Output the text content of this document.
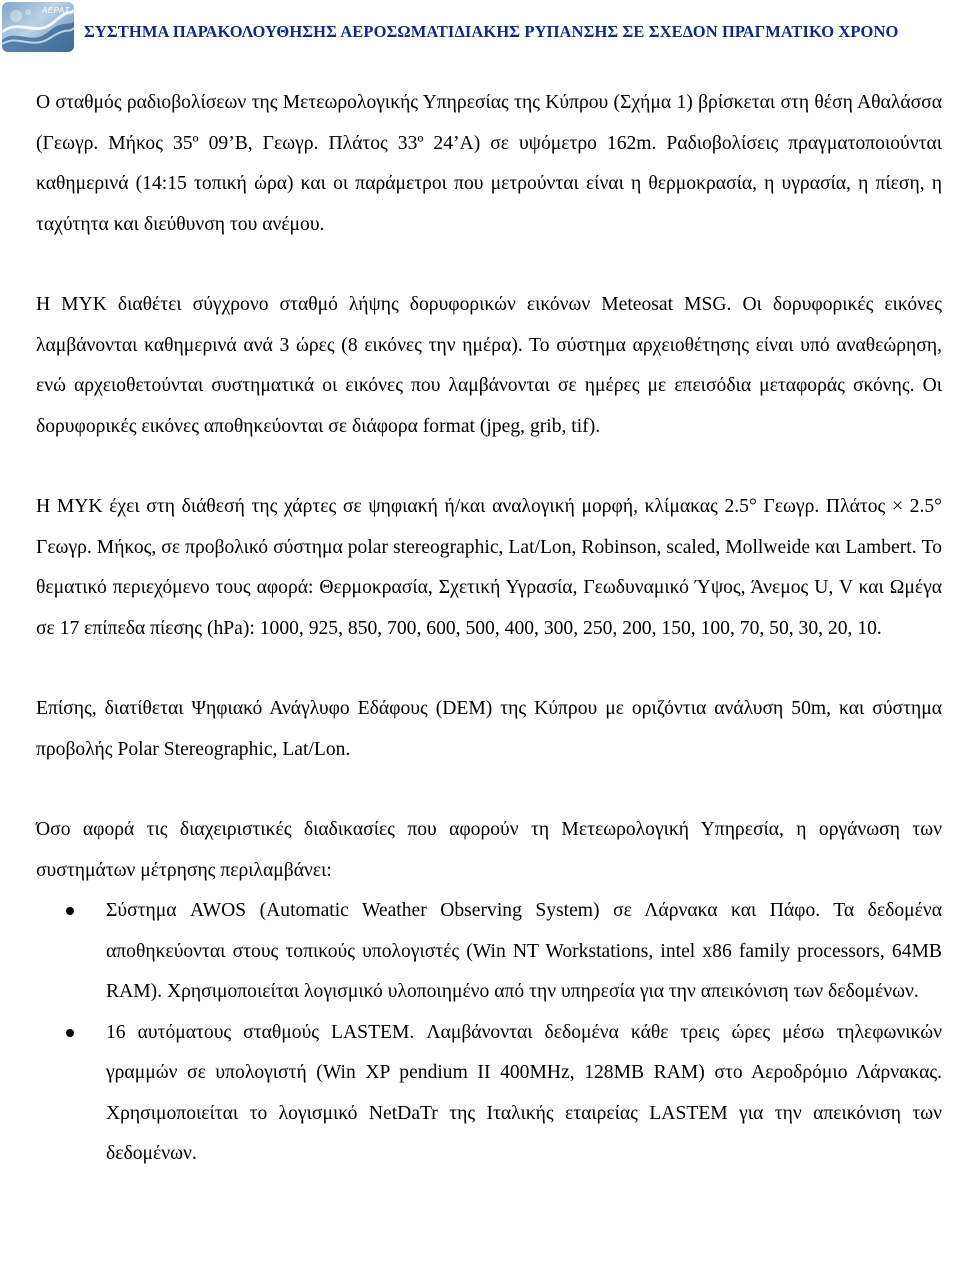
AEPAΣ
ΣΥΣΤΗΜΑ ΠΑΡΑΚΟΛΟΥΘΗΣΗΣ ΑΕΡΟΣΩΜΑΤΙΔΙΑΚΗΣ ΡΥΠΑΝΣΗΣ ΣΕ ΣΧΕΔΟΝ ΠΡΑΓΜΑΤΙΚΟ ΧΡΟΝΟ

Ο σταθμός ραδιοβολίσεων της Μετεωρολογικής Υπηρεσίας της Κύπρου (Σχήμα 1) βρίσκεται στη θέση Αθαλάσσα (Γεωγρ. Μήκος 35º 09’Β, Γεωγρ. Πλάτος 33º 24’Α) σε υψόμετρο 162m. Ραδιοβολίσεις πραγματοποιούνται καθημερινά (14:15 τοπική ώρα) και οι παράμετροι που μετρούνται είναι η θερμοκρασία, η υγρασία, η πίεση, η ταχύτητα και διεύθυνση του ανέμου.

Η ΜΥΚ διαθέτει σύγχρονο σταθμό λήψης δορυφορικών εικόνων Meteosat MSG. Οι δορυφορικές εικόνες λαμβάνονται καθημερινά ανά 3 ώρες (8 εικόνες την ημέρα). Το σύστημα αρχειοθέτησης είναι υπό αναθεώρηση, ενώ αρχειοθετούνται συστηματικά οι εικόνες που λαμβάνονται σε ημέρες με επεισόδια μεταφοράς σκόνης. Οι δορυφορικές εικόνες αποθηκεύονται σε διάφορα format (jpeg, grib, tif).

Η ΜΥΚ έχει στη διάθεσή της χάρτες σε ψηφιακή ή/και αναλογική μορφή, κλίμακας 2.5° Γεωγρ. Πλάτος × 2.5° Γεωγρ. Μήκος, σε προβολικό σύστημα polar stereographic, Lat/Lon, Robinson, scaled, Mollweide και Lambert. Το θεματικό περιεχόμενο τους αφορά: Θερμοκρασία, Σχετική Υγρασία, Γεωδυναμικό Ύψος, Άνεμος U, V και Ωμέγα σε 17 επίπεδα πίεσης (hPa): 1000, 925, 850, 700, 600, 500, 400, 300, 250, 200, 150, 100, 70, 50, 30, 20, 10.

Επίσης, διατίθεται Ψηφιακό Ανάγλυφο Εδάφους (DEM) της Κύπρου με οριζόντια ανάλυση 50m, και σύστημα προβολής Polar Stereographic, Lat/Lon.

Όσο αφορά τις διαχειριστικές διαδικασίες που αφορούν τη Μετεωρολογική Υπηρεσία, η οργάνωση των συστημάτων μέτρησης περιλαμβάνει:

Σύστημα AWOS (Automatic Weather Observing System) σε Λάρνακα και Πάφο. Τα δεδομένα αποθηκεύονται στους τοπικούς υπολογιστές (Win NT Workstations, intel x86 family processors, 64MB RAM). Χρησιμοποιείται λογισμικό υλοποιημένο από την υπηρεσία για την απεικόνιση των δεδομένων.
16 αυτόματους σταθμούς LASTEM. Λαμβάνονται δεδομένα κάθε τρεις ώρες μέσω τηλεφωνικών γραμμών σε υπολογιστή (Win XP pendium II 400MHz, 128MB RAM) στο Αεροδρόμιο Λάρνακας. Χρησιμοποιείται το λογισμικό NetDaTr της Ιταλικής εταιρείας LASTEM για την απεικόνιση των δεδομένων.
